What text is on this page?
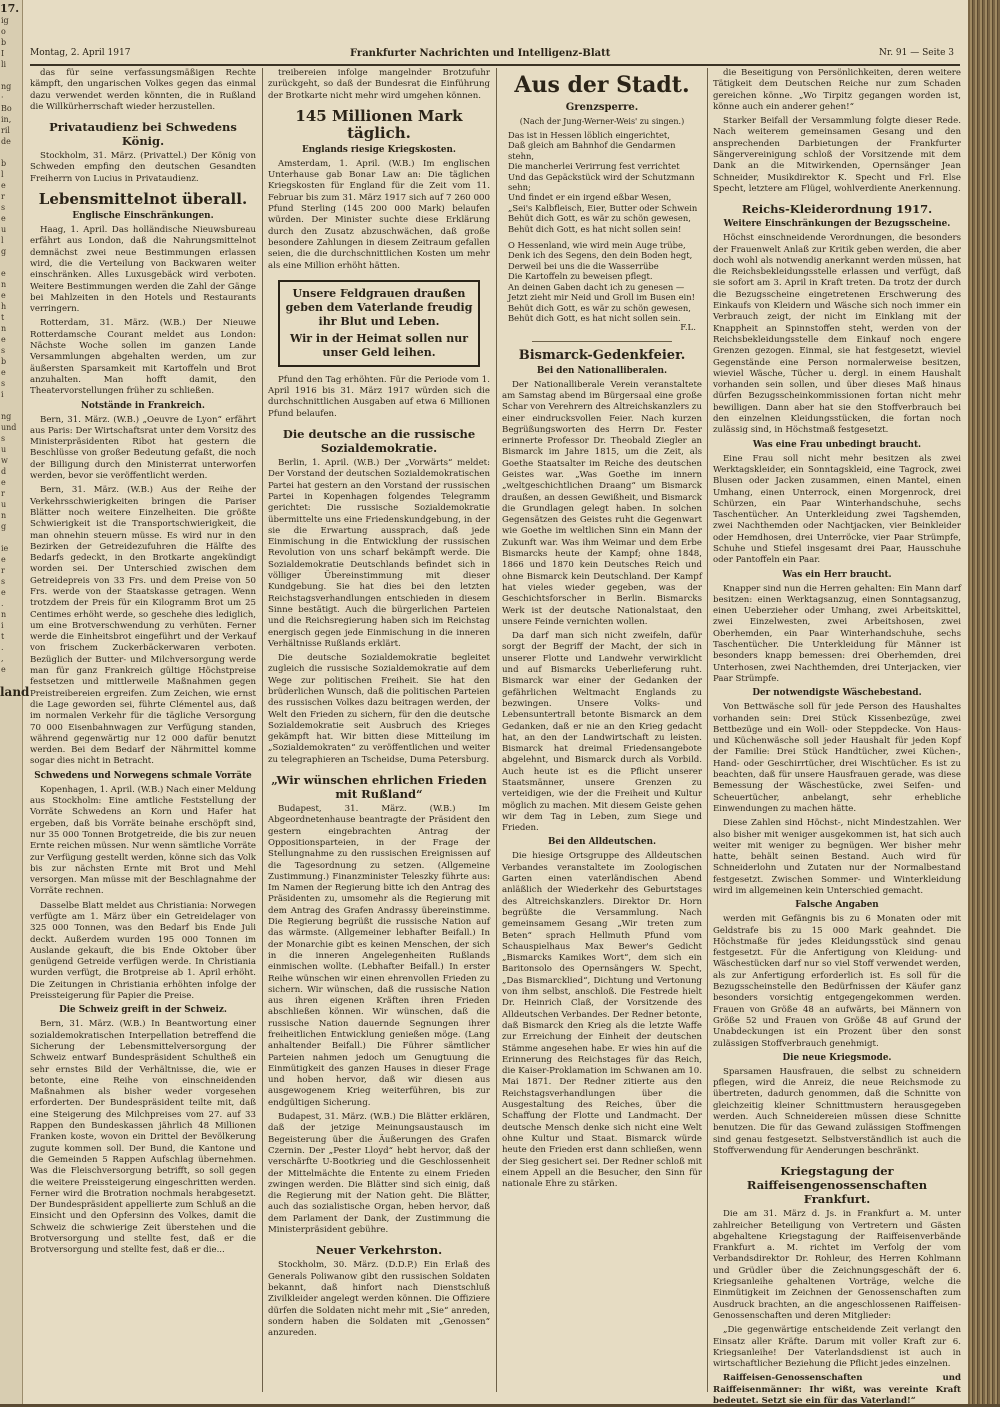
17.
ig
o
b
I
li

ng
·
Bo
in,
ril
de

b
l
e
r
s
e
u
l
g

e
n
e
h
t
n
e
s
b
e
s
i

ng
und
s
u
w
d
e
r
u
n
g

ie
e
r
s
e
.
n
i
t
.
,
e
land
Montag, 2. April 1917	Frankfurter Nachrichten und Intelligenz-Blatt	Nr. 91 — Seite 3

das für seine verfassungsmäßigen Rechte kämpft, den ungarischen Volkes gegen das einmal dazu verwendet werden könnten, die in Rußland die Willkürherrschaft wieder herzustellen.

Privataudienz bei Schwedens König.

Stockholm, 31. März. (Privattel.) Der König von Schweden empfing den deutschen Gesandten Freiherrn von Lucius in Privataudienz.

Lebensmittelnot überall.
Englische Einschränkungen.

Haag, 1. April. Das holländische Nieuwsbureau erfährt aus London, daß die Nahrungsmittelnot demnächst zwei neue Bestimmungen erlassen wird, die die Verteilung von Backwaren weiter einschränken. Alles Luxusgebäck wird verboten. Weitere Bestimmungen werden die Zahl der Gänge bei Mahlzeiten in den Hotels und Restaurants verringern.

Rotterdam, 31. März. (W.B.) Der Nieuwe Rotterdamsche Courant meldet aus London: Nächste Woche sollen im ganzen Lande Versammlungen abgehalten werden, um zur äußersten Sparsamkeit mit Kartoffeln und Brot anzuhalten. Man hofft damit, den Theatervorstellungen früher zu schließen.

Notstände in Frankreich.

Bern, 31. März. (W.B.) „Oeuvre de Lyon“ erfährt aus Paris: Der Wirtschaftsrat unter dem Vorsitz des Ministerpräsidenten Ribot hat gestern die Beschlüsse von großer Bedeutung gefaßt, die noch der Billigung durch den Ministerrat unterworfen werden, bevor sie veröffentlicht werden.

Bern, 31. März. (W.B.) Aus der Reihe der Verkehrsschwierigkeiten bringen die Pariser Blätter noch weitere Einzelheiten. Die größte Schwierigkeit ist die Transportschwierigkeit, die man ohnehin steuern müsse. Es wird nur in den Bezirken der Getreidezufuhren die Hälfte des Bedarfs gedeckt, in den Brotkarte angekündigt worden sei. Der Unterschied zwischen dem Getreidepreis von 33 Frs. und dem Preise von 50 Frs. werde von der Staatskasse getragen. Wenn trotzdem der Preis für ein Kilogramm Brot um 25 Centimes erhöht werde, so geschehe dies lediglich, um eine Brotverschwendung zu verhüten. Ferner werde die Einheitsbrot eingeführt und der Verkauf von frischem Zuckerbäckerwaren verboten. Bezüglich der Butter- und Milchversorgung werde man für ganz Frankreich gültige Höchstpreise festsetzen und mittlerweile Maßnahmen gegen Preistreibereien ergreifen. Zum Zeichen, wie ernst die Lage geworden sei, führte Clémentel aus, daß im normalen Verkehr für die tägliche Versorgung 70 000 Eisenbahnwagen zur Verfügung standen, während gegenwärtig nur 12 000 dafür benutzt werden. Bei dem Bedarf der Nährmittel komme sogar dies nicht in Betracht.

Schwedens und Norwegens schmale Vorräte

Kopenhagen, 1. April. (W.B.) Nach einer Meldung aus Stockholm: Eine amtliche Feststellung der Vorräte Schwedens an Korn und Hafer hat ergeben, daß bis Vorräte beinahe erschöpft sind, nur 35 000 Tonnen Brotgetreide, die bis zur neuen Ernte reichen müssen. Nur wenn sämtliche Vorräte zur Verfügung gestellt werden, könne sich das Volk bis zur nächsten Ernte mit Brot und Mehl versorgen. Man müsse mit der Beschlagnahme der Vorräte rechnen.

Dasselbe Blatt meldet aus Christiania: Norwegen verfügte am 1. März über ein Getreidelager von 325 000 Tonnen, was den Bedarf bis Ende Juli deckt. Außerdem wurden 195 000 Tonnen im Auslande gekauft, die bis Ende Oktober über genügend Getreide verfügen werde. In Christiania wurden verfügt, die Brotpreise ab 1. April erhöht. Die Zeitungen in Christiania erhöhten infolge der Preissteigerung für Papier die Preise.

Die Schweiz greift in der Schweiz.

Bern, 31. März. (W.B.) In Beantwortung einer sozialdemokratischen Interpellation betreffend die Sicherung der Lebensmittelversorgung der Schweiz entwarf Bundespräsident Schultheß ein sehr ernstes Bild der Verhältnisse, die, wie er betonte, eine Reihe von einschneidenden Maßnahmen als bisher weder vorgesehen erforderten. Der Bundespräsident teilte mit, daß eine Steigerung des Milchpreises vom 27. auf 33 Rappen den Bundeskassen jährlich 48 Millionen Franken koste, wovon ein Drittel der Bevölkerung zugute kommen soll. Der Bund, die Kantone und die Gemeinden 5 Rappen Aufschlag übernehmen. Was die Fleischversorgung betrifft, so soll gegen die weitere Preissteigerung eingeschritten werden. Ferner wird die Brotration nochmals herabgesetzt. Der Bundespräsident appellierte zum Schluß an die Einsicht und den Opfersinn des Volkes, damit die Schweiz die schwierige Zeit überstehen und die Brotversorgung und stellte fest, daß er die Brotversorgung und stellte fest, daß er die...

treibereien infolge mangelnder Brotzufuhr zurückgeht, so daß der Bundesrat die Einführung der Brotkarte nicht mehr wird umgehen können.

145 Millionen Mark täglich.
Englands riesige Kriegskosten.

Amsterdam, 1. April. (W.B.) Im englischen Unterhause gab Bonar Law an: Die täglichen Kriegskosten für England für die Zeit vom 11. Februar bis zum 31. März 1917 sich auf 7 260 000 Pfund Sterling (145 200 000 Mark) belaufen würden. Der Minister suchte diese Erklärung durch den Zusatz abzuschwächen, daß große besondere Zahlungen in diesem Zeitraum gefallen seien, die die durchschnittlichen Kosten um mehr als eine Million erhöht hätten.

Unsere Feldgrauen draußen geben dem Vaterlande freudig ihr Blut und Leben.
Wir in der Heimat sollen nur unser Geld leihen.

Pfund den Tag erhöhten. Für die Periode vom 1. April 1916 bis 31. März 1917 würden sich die durchschnittlichen Ausgaben auf etwa 6 Millionen Pfund belaufen.

Die deutsche an die russische Sozialdemokratie.

Berlin, 1. April. (W.B.) Der „Vorwärts“ meldet: Der Vorstand der deutschen Sozialdemokratischen Partei hat gestern an den Vorstand der russischen Partei in Kopenhagen folgendes Telegramm gerichtet: Die russische Sozialdemokratie übermittelte uns eine Friedenskundgebung, in der sie die Erwartung aussprach, daß jede Einmischung in die Entwicklung der russischen Revolution von uns scharf bekämpft werde. Die Sozialdemokratie Deutschlands befindet sich in völliger Übereinstimmung mit dieser Kundgebung. Sie hat dies bei den letzten Reichstagsverhandlungen entschieden in diesem Sinne bestätigt. Auch die bürgerlichen Parteien und die Reichsregierung haben sich im Reichstag energisch gegen jede Einmischung in die inneren Verhältnisse Rußlands erklärt.

Die deutsche Sozialdemokratie begleitet zugleich die russische Sozialdemokratie auf dem Wege zur politischen Freiheit. Sie hat den brüderlichen Wunsch, daß die politischen Parteien des russischen Volkes dazu beitragen werden, der Welt den Frieden zu sichern, für den die deutsche Sozialdemokratie seit Ausbruch des Krieges gekämpft hat. Wir bitten diese Mitteilung im „Sozialdemokraten“ zu veröffentlichen und weiter zu telegraphieren an Tscheidse, Duma Petersburg.

„Wir wünschen ehrlichen Frieden mit Rußland“

Budapest, 31. März. (W.B.) Im Abgeordnetenhause beantragte der Präsident den gestern eingebrachten Antrag der Oppositionsparteien, in der Frage der Stellungnahme zu den russischen Ereignissen auf die Tagesordnung zu setzen. (Allgemeine Zustimmung.) Finanzminister Teleszky führte aus: Im Namen der Regierung bitte ich den Antrag des Präsidenten zu, umsomehr als die Regierung mit dem Antrag des Grafen Andrassy übereinstimme. Die Regierung begrüßt die russische Nation auf das wärmste. (Allgemeiner lebhafter Beifall.) In der Monarchie gibt es keinen Menschen, der sich in die inneren Angelegenheiten Rußlands einmischen wollte. (Lebhafter Beifall.) In erster Reihe wünschen wir einen ehrenvollen Frieden zu sichern. Wir wünschen, daß die russische Nation aus ihren eigenen Kräften ihren Frieden abschließen können. Wir wünschen, daß die russische Nation dauernde Segnungen ihrer freiheitlichen Entwicklung genießen möge. (Lang anhaltender Beifall.) Die Führer sämtlicher Parteien nahmen jedoch um Genugtuung die Einmütigkeit des ganzen Hauses in dieser Frage und hoben hervor, daß wir diesen aus ausgewogenem Krieg weiterführen, bis zur endgültigen Sicherung.

Budapest, 31. März. (W.B.) Die Blätter erklären, daß der jetzige Meinungsaustausch im Begeisterung über die Äußerungen des Grafen Czernin. Der „Pester Lloyd“ hebt hervor, daß der verschärfte U-Bootkrieg und die Geschlossenheit der Mittelmächte die Entente zu einem Frieden zwingen werden. Die Blätter sind sich einig, daß die Regierung mit der Nation geht. Die Blätter, auch das sozialistische Organ, heben hervor, daß dem Parlament der Dank, der Zustimmung die Ministerpräsident gebühre.

Neuer Verkehrston.

Stockholm, 30. März. (D.D.P.) Ein Erlaß des Generals Poliwanow gibt den russischen Soldaten bekannt, daß hinfort nach Dienstschluß Zivilkleider angelegt werden können. Die Offiziere dürfen die Soldaten nicht mehr mit „Sie“ anreden, sondern haben die Soldaten mit „Genossen“ anzureden.

Aus der Stadt.
Grenzsperre.
(Nach der Jung-Werner-Weis' zu singen.)
Das ist in Hessen löblich eingerichtet,
Daß gleich am Bahnhof die Gendarmen stehn,
Die mancherlei Verirrung fest verrichtet
Und das Gepäckstück wird der Schutzmann sehn;
Und findet er ein irgend eßbar Wesen,
„Sei's Kalbfleisch, Eier, Butter oder Schwein
Behüt dich Gott, es wär zu schön gewesen,
Behüt dich Gott, es hat nicht sollen sein!
O Hessenland, wie wird mein Auge trübe,
Denk ich des Segens, den dein Boden hegt,
Derweil bei uns die die Wasserrübe
Die Kartoffeln zu beweisen pflegt.
An deinen Gaben dacht ich zu genesen —
Jetzt zieht mir Neid und Groll im Busen ein!
Behüt dich Gott, es wär zu schön gewesen,
Behüt dich Gott, es hat nicht sollen sein.
F.L.
Bismarck-Gedenkfeier.
Bei den Nationalliberalen.

Der Nationalliberale Verein veranstaltete am Samstag abend im Bürgersaal eine große Schar von Verehrern des Altreichskanzlers zu einer eindrucksvollen Feier. Nach kurzen Begrüßungsworten des Herrn Dr. Fester erinnerte Professor Dr. Theobald Ziegler an Bismarck im Jahre 1815, um die Zeit, als Goethe Staatsalter im Reiche des deutschen Geistes war. „Was Goethe im innern „weltgeschichtlichen Draang“ um Bismarck draußen, an dessen Gewißheit, und Bismarck die Grundlagen gelegt haben. In solchen Gegensätzen des Geistes ruht die Gegenwart wie Goethe im weltlichen Sinn ein Mann der Zukunft war. Was ihm Weimar und dem Erbe Bismarcks heute der Kampf; ohne 1848, 1866 und 1870 kein Deutsches Reich und ohne Bismarck kein Deutschland. Der Kampf hat vieles wieder gegeben, was der Geschichtsforscher in Berlin. Bismarcks Werk ist der deutsche Nationalstaat, den unsere Feinde vernichten wollen.

Da darf man sich nicht zweifeln, dafür sorgt der Begriff der Macht, der sich in unserer Flotte und Landwehr verwirklicht und auf Bismarcks Ueberlieferung ruht. Bismarck war einer der Gedanken der gefährlichen Weltmacht Englands zu bezwingen. Unsere Volks- und Lebensuntertrall betonte Bismarck an dem Gedanken, daß er nie an den Krieg gedacht hat, an den der Landwirtschaft zu leisten. Bismarck hat dreimal Friedensangebote abgelehnt, und Bismarck durch als Vorbild. Auch heute ist es die Pflicht unserer Staatsmänner, unsere Grenzen zu verteidigen, wie der die Freiheit und Kultur möglich zu machen. Mit diesem Geiste gehen wir dem Tag in Leben, zum Siege und Frieden.

Bei den Alldeutschen.

Die hiesige Ortsgruppe des Alldeutschen Verbandes veranstaltete im Zoologischen Garten einen vaterländischen Abend anläßlich der Wiederkehr des Geburtstages des Altreichskanzlers. Direktor Dr. Horn begrüßte die Versammlung. Nach gemeinsamem Gesang „Wir treten zum Beten“ sprach Hellmuth Pfund vom Schauspielhaus Max Bewer's Gedicht „Bismarcks Kamikes Wort“, dem sich ein Baritonsolo des Opernsängers W. Specht, „Das Bismarcklied“, Dichtung und Vertonung von ihm selbst, anschloß. Die Festrede hielt Dr. Heinrich Claß, der Vorsitzende des Alldeutschen Verbandes. Der Redner betonte, daß Bismarck den Krieg als die letzte Waffe zur Erreichung der Einheit der deutschen Stämme angesehen habe. Er wies hin auf die Erinnerung des Reichstages für das Reich, die Kaiser-Proklamation im Schwanen am 10. Mai 1871. Der Redner zitierte aus den Reichstagsverhandlungen über die Ausgestaltung des Reiches, über die Schaffung der Flotte und Landmacht. Der deutsche Mensch denke sich nicht eine Welt ohne Kultur und Staat. Bismarck würde heute den Frieden erst dann schließen, wenn der Sieg gesichert sei. Der Redner schloß mit einem Appell an die Besucher, den Sinn für nationale Ehre zu stärken.

die Beseitigung von Persönlichkeiten, deren weitere Tätigkeit dem Deutschen Reiche nur zum Schaden gereichen könne. „Wo Tirpitz gegangen worden ist, könne auch ein anderer gehen!“

Starker Beifall der Versammlung folgte dieser Rede. Nach weiterem gemeinsamen Gesang und den ansprechenden Darbietungen der Frankfurter Sängervereinigung schloß der Vorsitzende mit dem Dank an die Mitwirkenden, Opernsänger Jean Schneider, Musikdirektor K. Specht und Frl. Else Specht, letztere am Flügel, wohlverdiente Anerkennung.

Reichs-Kleiderordnung 1917.
Weitere Einschränkungen der Bezugsscheine.

Höchst einschneidende Verordnungen, die besonders der Frauenwelt Anlaß zur Kritik geben werden, die aber doch wohl als notwendig anerkannt werden müssen, hat die Reichsbekleidungsstelle erlassen und verfügt, daß sie sofort am 3. April in Kraft treten. Da trotz der durch die Bezugsscheine eingetretenen Erschwerung des Einkaufs von Kleidern und Wäsche sich noch immer ein Verbrauch zeigt, der nicht im Einklang mit der Knappheit an Spinnstoffen steht, werden von der Reichsbekleidungsstelle dem Einkauf noch engere Grenzen gezogen. Einmal, sie hat festgesetzt, wieviel Gegenstände eine Person normalerweise besitzen, wieviel Wäsche, Tücher u. dergl. in einem Haushalt vorhanden sein sollen, und über dieses Maß hinaus dürfen Bezugsscheinkommissionen fortan nicht mehr bewilligen. Dann aber hat sie den Stoffverbrauch bei den einzelnen Kleidungsstücken, die fortan noch zulässig sind, in Höchstmaß festgesetzt.

Was eine Frau unbedingt braucht.

Eine Frau soll nicht mehr besitzen als zwei Werktagskleider, ein Sonntagskleid, eine Tagrock, zwei Blusen oder Jacken zusammen, einen Mantel, einen Umhang, einen Unterrock, einen Morgenrock, drei Schürzen, ein Paar Winterhandschuhe, sechs Taschentücher. An Unterkleidung zwei Tagshemden, zwei Nachthemden oder Nachtjacken, vier Beinkleider oder Hemdhosen, drei Unterröcke, vier Paar Strümpfe, Schuhe und Stiefel insgesamt drei Paar, Hausschuhe oder Pantoffeln ein Paar.

Was ein Herr braucht.

Knapper sind nun die Herren gehalten: Ein Mann darf besitzen: einen Werktagsanzug, einen Sonntagsanzug, einen Ueberzieher oder Umhang, zwei Arbeitskittel, zwei Einzelwesten, zwei Arbeitshosen, zwei Oberhemden, ein Paar Winterhandschuhe, sechs Taschentücher. Die Unterkleidung für Männer ist besonders knapp bemessen: drei Oberhemden, drei Unterhosen, zwei Nachthemden, drei Unterjacken, vier Paar Strümpfe.

Der notwendigste Wäschebestand.

Von Bettwäsche soll für jede Person des Haushaltes vorhanden sein: Drei Stück Kissenbezüge, zwei Bettbezüge und ein Woll- oder Steppdecke. Von Haus- und Küchenwäsche soll jeder Haushalt für jeden Kopf der Familie: Drei Stück Handtücher, zwei Küchen-, Hand- oder Geschirrtücher, drei Wischtücher. Es ist zu beachten, daß für unsere Hausfrauen gerade, was diese Bemessung der Wäschestücke, zwei Seifen- und Scheuertücher, anbelangt, sehr erhebliche Einwendungen zu machen hätte.

Diese Zahlen sind Höchst-, nicht Mindestzahlen. Wer also bisher mit weniger ausgekommen ist, hat sich auch weiter mit weniger zu begnügen. Wer bisher mehr hatte, behält seinen Bestand. Auch wird für Schneiderlohn und Zutaten nur der Normalbestand festgesetzt. Zwischen Sommer- und Winterkleidung wird im allgemeinen kein Unterschied gemacht.

Falsche Angaben

werden mit Gefängnis bis zu 6 Monaten oder mit Geldstrafe bis zu 15 000 Mark geahndet. Die Höchstmaße für jedes Kleidungsstück sind genau festgesetzt. Für die Anfertigung von Kleidung- und Wäschestücken darf nur so viel Stoff verwendet werden, als zur Anfertigung erforderlich ist. Es soll für die Bezugsscheinstelle den Bedürfnissen der Käufer ganz besonders vorsichtig entgegengekommen werden. Frauen von Größe 48 an aufwärts, bei Männern von Größe 52 und Frauen von Größe 48 auf Grund der Unabdeckungen ist ein Prozent über den sonst zulässigen Stoffverbrauch genehmigt.

Die neue Kriegsmode.

Sparsamen Hausfrauen, die selbst zu schneidern pflegen, wird die Anreiz, die neue Reichsmode zu übertreten, dadurch genommen, daß die Schnitte von gleichzeitig kleiner Schnittmustern herausgegeben werden. Auch Schneidereien müssen diese Schnitte benutzen. Die für das Gewand zulässigen Stoffmengen sind genau festgesetzt. Selbstverständlich ist auch die Stoffverwendung für Aenderungen beschränkt.

Kriegstagung der Raiffeisengenossenschaften Frankfurt.

Die am 31. März d. Js. in Frankfurt a. M. unter zahlreicher Beteiligung von Vertretern und Gästen abgehaltene Kriegstagung der Raiffeisenverbände Frankfurt a. M. richtet im Verfolg der vom Verbandsdirektor Dr. Rohleur, des Herren Kohlmann und Grüdler über die Zeichnungsgeschäft der 6. Kriegsanleihe gehaltenen Vorträge, welche die Einmütigkeit im Zeichnen der Genossenschaften zum Ausdruck brachten, an die angeschlossenen Raiffeisen-Genossenschaften und deren Mitglieder:

„Die gegenwärtige entscheidende Zeit verlangt den Einsatz aller Kräfte. Darum mit voller Kraft zur 6. Kriegsanleihe! Der Vaterlandsdienst ist auch in wirtschaftlicher Beziehung die Pflicht jedes einzelnen.

Raiffeisen-Genossenschaften und Raiffeisenmänner: Ihr wißt, was vereinte Kraft bedeutet. Setzt sie ein für das Vaterland!“
